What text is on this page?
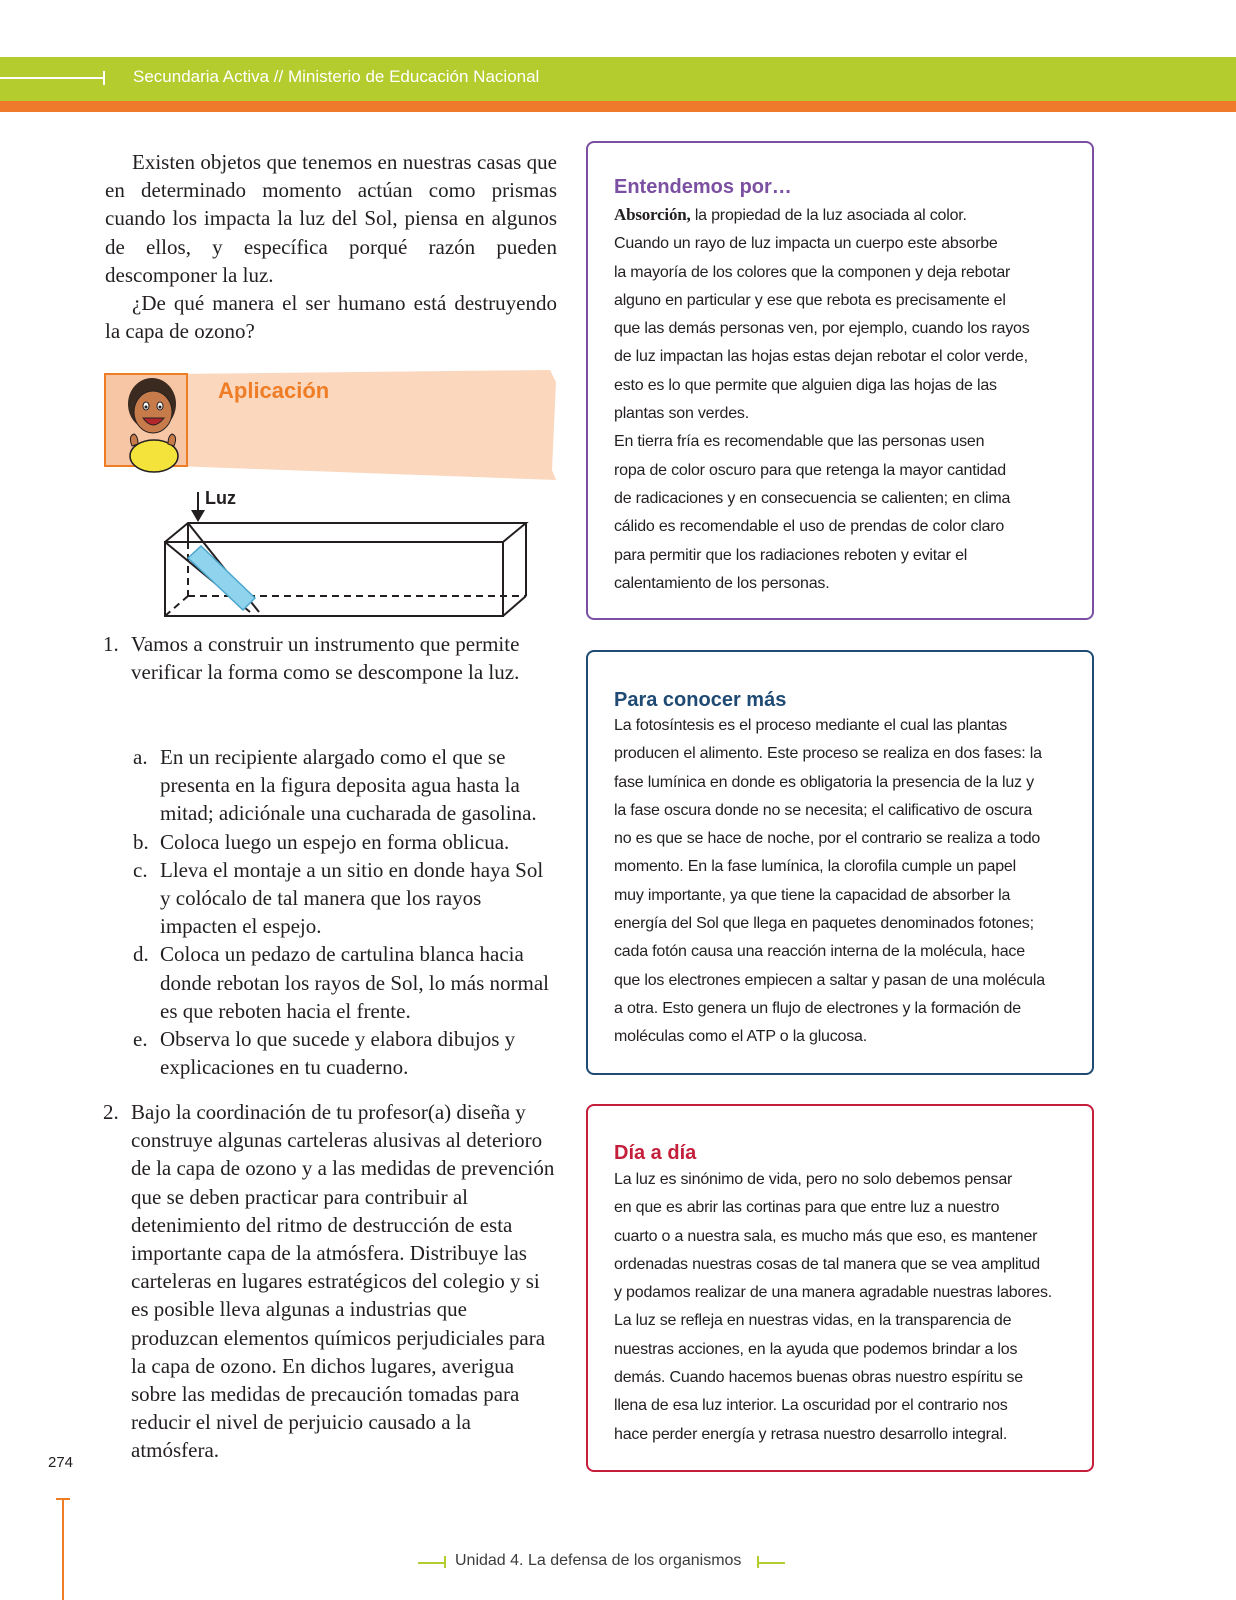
Secundaria Activa // Ministerio de Educación Nacional

Existen objetos que tenemos en nuestras casas que en determinado momento actúan como prismas cuando los impacta la luz del Sol, piensa en algunos de ellos, y específica porqué razón pueden descomponer la luz.

¿De qué manera el ser humano está destruyendo la capa de ozono?

Aplicación
Luz
1. Vamos a construir un instrumento que permite verificar la forma como se descompone la luz.
a. En un recipiente alargado como el que se presenta en la figura deposita agua hasta la mitad; adiciónale una cucharada de gasolina.
b. Coloca luego un espejo en forma oblicua.
c. Lleva el montaje a un sitio en donde haya Sol y colócalo de tal manera que los rayos impacten el espejo.
d. Coloca un pedazo de cartulina blanca hacia donde rebotan los rayos de Sol, lo más normal es que reboten hacia el frente.
e. Observa lo que sucede y elabora dibujos y explicaciones en tu cuaderno.
2. Bajo la coordinación de tu profesor(a) diseña y construye algunas carteleras alusivas al deterioro de la capa de ozono y a las medidas de prevención que se deben practicar para contribuir al detenimiento del ritmo de destrucción de esta importante capa de la atmósfera. Distribuye las carteleras en lugares estratégicos del colegio y si es posible lleva algunas a industrias que produzcan elementos químicos perjudiciales para la capa de ozono. En dichos lugares, averigua sobre las medidas de precaución tomadas para reducir el nivel de perjuicio causado a la atmósfera.
Entendemos por…
Absorción, la propiedad de la luz asociada al color.
Cuando un rayo de luz impacta un cuerpo este absorbe
la mayoría de los colores que la componen y deja rebotar
alguno en particular y ese que rebota es precisamente el
que las demás personas ven, por ejemplo, cuando los rayos
de luz impactan las hojas estas dejan rebotar el color verde,
esto es lo que permite que alguien diga las hojas de las
plantas son verdes.
En tierra fría es recomendable que las personas usen
ropa de color oscuro para que retenga la mayor cantidad
de radicaciones y en consecuencia se calienten; en clima
cálido es recomendable el uso de prendas de color claro
para permitir que los radiaciones reboten y evitar el
calentamiento de los personas.
Para conocer más
La fotosíntesis es el proceso mediante el cual las plantas
producen el alimento. Este proceso se realiza en dos fases: la
fase lumínica en donde es obligatoria la presencia de la luz y
la fase oscura donde no se necesita; el calificativo de oscura
no es que se hace de noche, por el contrario se realiza a todo
momento. En la fase lumínica, la clorofila cumple un papel
muy importante, ya que tiene la capacidad de absorber la
energía del Sol que llega en paquetes denominados fotones;
cada fotón causa una reacción interna de la molécula, hace
que los electrones empiecen a saltar y pasan de una molécula
a otra. Esto genera un flujo de electrones y la formación de
moléculas como el ATP o la glucosa.
Día a día
La luz es sinónimo de vida, pero no solo debemos pensar
en que es abrir las cortinas para que entre luz a nuestro
cuarto o a nuestra sala, es mucho más que eso, es mantener
ordenadas nuestras cosas de tal manera que se vea amplitud
y podamos realizar de una manera agradable nuestras labores.
La luz se refleja en nuestras vidas, en la transparencia de
nuestras acciones, en la ayuda que podemos brindar a los
demás. Cuando hacemos buenas obras nuestro espíritu se
llena de esa luz interior. La oscuridad por el contrario nos
hace perder energía y retrasa nuestro desarrollo integral.
274
Unidad 4. La defensa de los organismos
